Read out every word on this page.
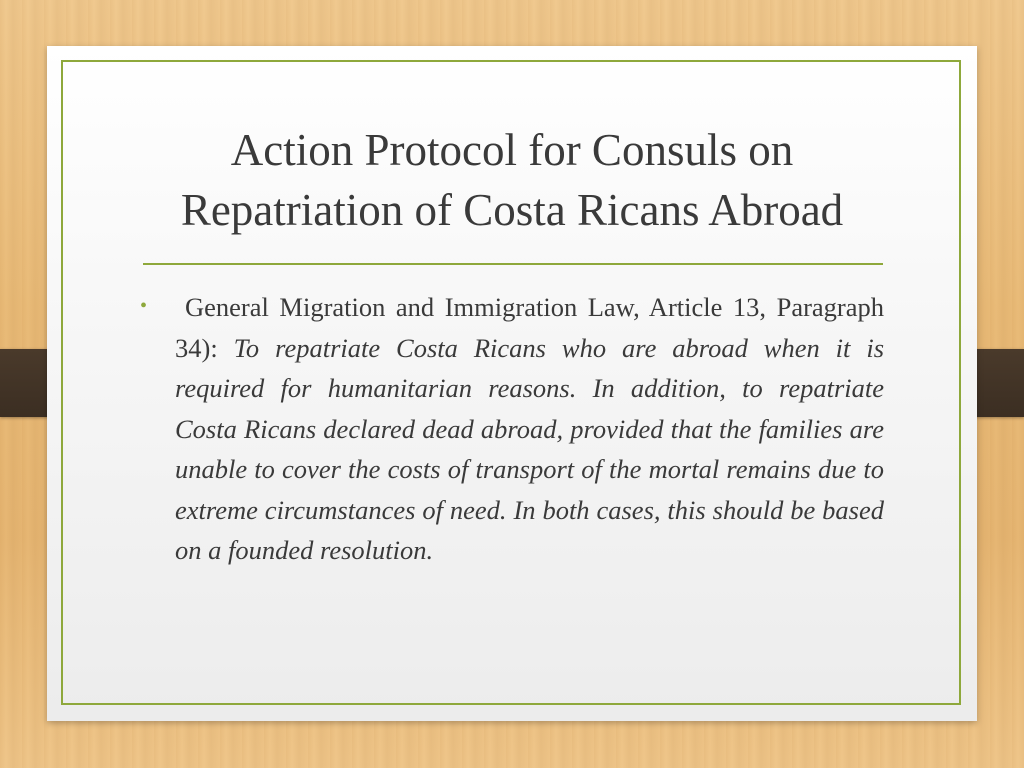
Action Protocol for Consuls on
Repatriation of Costa Ricans Abroad
•	General Migration and Immigration Law, Article 13, Paragraph 34): To repatriate Costa Ricans who are abroad when it is required for humanitarian reasons. In addition, to repatriate Costa Ricans declared dead abroad, provided that the families are unable to cover the costs of transport of the mortal remains due to extreme circumstances of need. In both cases, this should be based on a founded resolution.
